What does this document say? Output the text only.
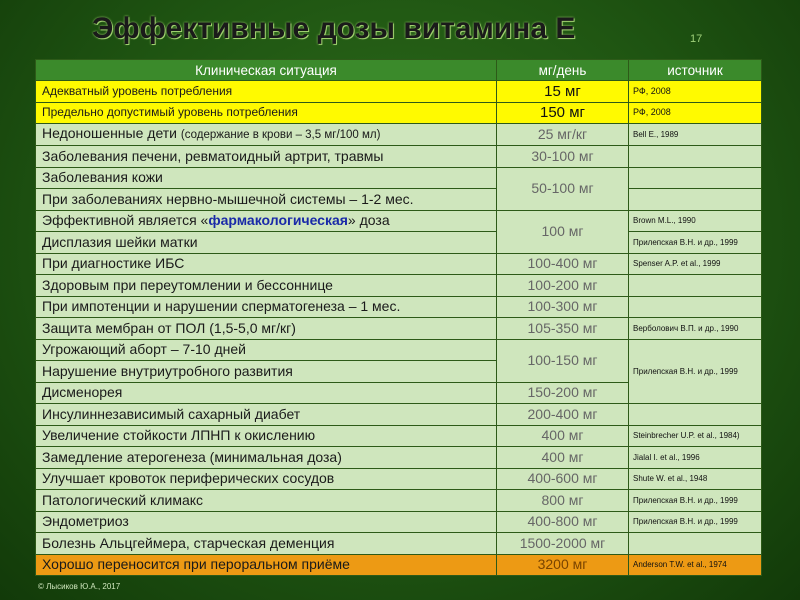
Эффективные дозы витамина Е	17
Клиническая ситуация	мг/день	источник
Адекватный уровень потребления	15 мг	РФ, 2008
Предельно допустимый уровень потребления	150 мг	РФ, 2008
Недоношенные дети (содержание в крови – 3,5 мг/100 мл)	25 мг/кг	Bell E., 1989
Заболевания печени, ревматоидный артрит, травмы	30-100 мг	
Заболевания кожи	50-100 мг	
При заболеваниях нервно-мышечной системы – 1-2 мес.		
Эффективной является «фармакологическая» доза	100 мг	Brown M.L., 1990
Дисплазия шейки матки		Прилепская В.Н. и др., 1999
При диагностике ИБС	100-400 мг	Spenser A.P. et al., 1999
Здоровым при переутомлении и бессоннице	100-200 мг	
При импотенции и нарушении сперматогенеза – 1 мес.	100-300 мг	
Защита мембран от ПОЛ (1,5-5,0 мг/кг)	105-350 мг	Верболович В.П. и др., 1990
Угрожающий аборт – 7-10 дней	100-150 мг	Прилепская В.Н. и др., 1999
Нарушение внутриутробного развития		
Дисменорея	150-200 мг	
Инсулиннезависимый сахарный диабет	200-400 мг	
Увеличение стойкости ЛПНП к окислению	400 мг	Steinbrecher U.P. et al., 1984)
Замедление атерогенеза (минимальная доза)	400 мг	Jialal I. et al., 1996
Улучшает кровоток периферических сосудов	400-600 мг	Shute W. et al., 1948
Патологический климакс	800 мг	Прилепская В.Н. и др., 1999
Эндометриоз	400-800 мг	Прилепская В.Н. и др., 1999
Болезнь Альцгеймера, старческая деменция	1500-2000 мг	
Хорошо переносится при пероральном приёме	3200 мг	Anderson T.W. et al., 1974
© Лысиков Ю.А., 2017
